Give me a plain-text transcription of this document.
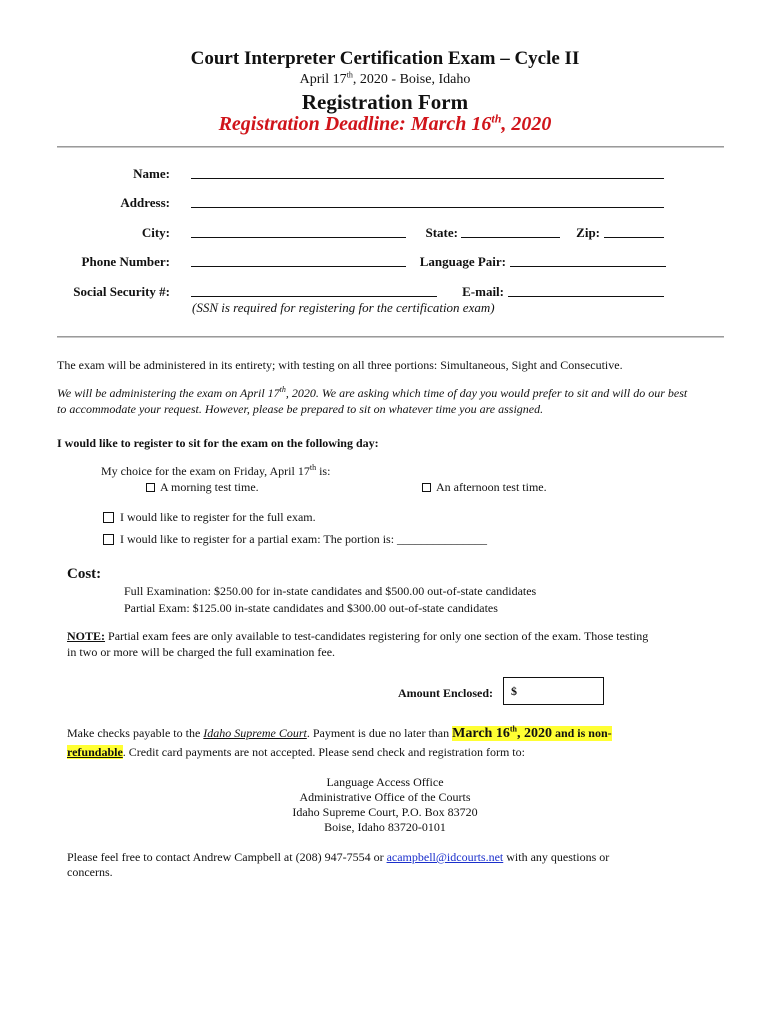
Court Interpreter Certification Exam – Cycle II
April 17th, 2020 - Boise, Idaho
Registration Form
Registration Deadline: March 16th, 2020
Name:
Address:
City:	State:	Zip:
Phone Number:	Language Pair:
Social Security #:	E-mail:
(SSN is required for registering for the certification exam)
The exam will be administered in its entirety; with testing on all three portions: Simultaneous, Sight and Consecutive.
We will be administering the exam on April 17th, 2020. We are asking which time of day you would prefer to sit and will do our best
to accommodate your request. However, please be prepared to sit on whatever time you are assigned.
I would like to register to sit for the exam on the following day:
My choice for the exam on Friday, April 17th is:
A morning test time.	An afternoon test time.
I would like to register for the full exam.
I would like to register for a partial exam: The portion is: _______________
Cost:
Full Examination: $250.00 for in-state candidates and $500.00 out-of-state candidates
Partial Exam: $125.00 in-state candidates and $300.00 out-of-state candidates
NOTE: Partial exam fees are only available to test-candidates registering for only one section of the exam. Those testing
in two or more will be charged the full examination fee.
Amount Enclosed: $
Make checks payable to the Idaho Supreme Court. Payment is due no later than March 16th, 2020 and is non-
refundable. Credit card payments are not accepted. Please send check and registration form to:
Language Access Office
Administrative Office of the Courts
Idaho Supreme Court, P.O. Box 83720
Boise, Idaho 83720-0101
Please feel free to contact Andrew Campbell at (208) 947-7554 or acampbell@idcourts.net with any questions or
concerns.
